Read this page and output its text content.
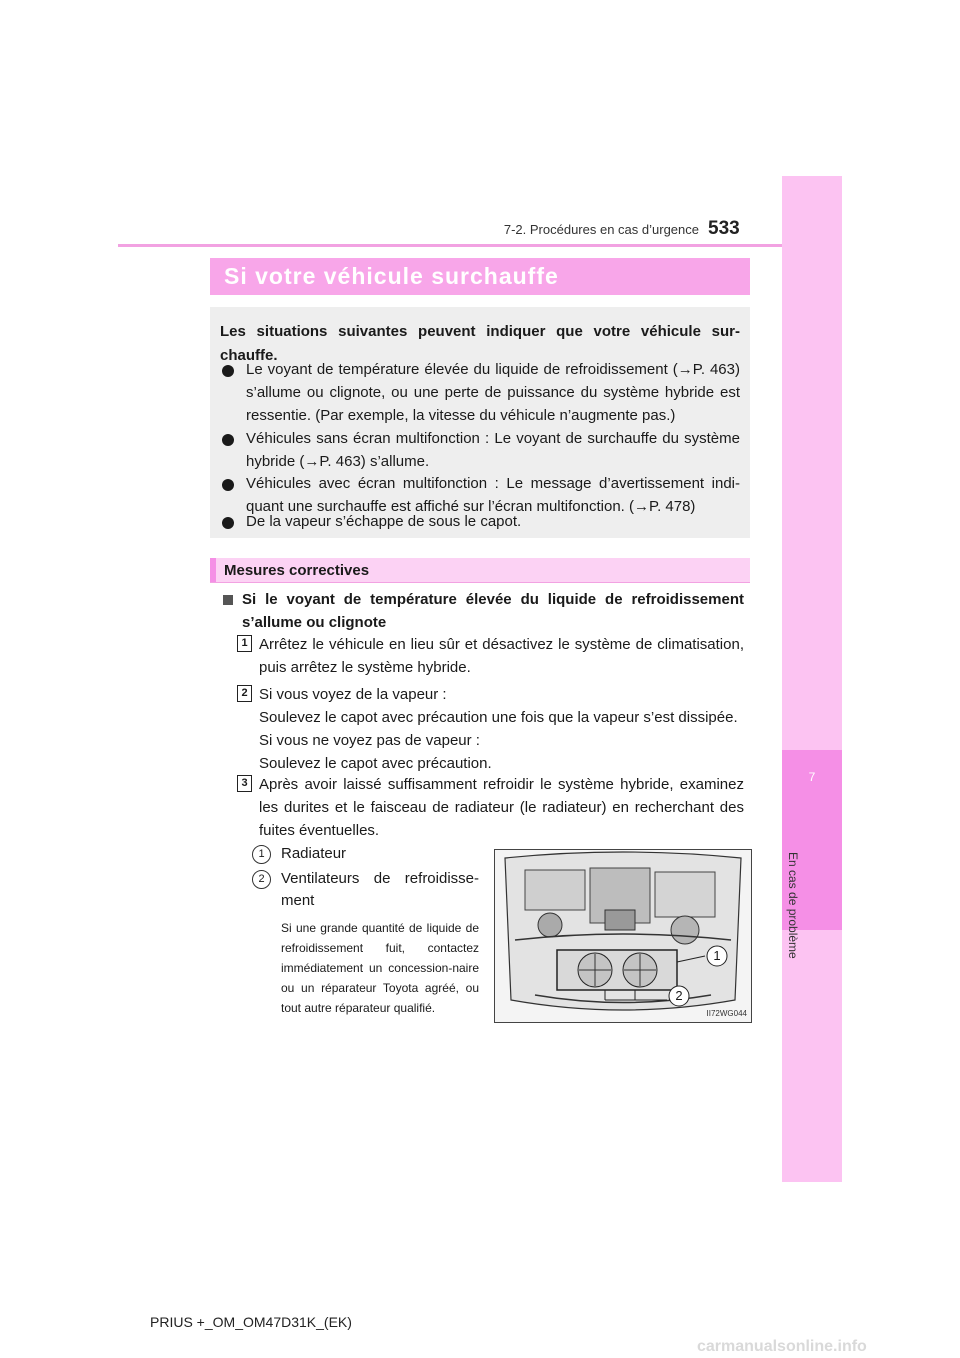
7
En cas de problème
7-2. Procédures en cas d’urgence 533
Si votre véhicule surchauffe
Les situations suivantes peuvent indiquer que votre véhicule sur-
chauffe.
Le voyant de température élevée du liquide de refroidissement (→P. 463)
s’allume ou clignote, ou une perte de puissance du système hybride est
ressentie. (Par exemple, la vitesse du véhicule n’augmente pas.)
Véhicules sans écran multifonction : Le voyant de surchauffe du système
hybride (→P. 463) s’allume.
Véhicules avec écran multifonction : Le message d’avertissement indi-
quant une surchauffe est affiché sur l’écran multifonction. (→P. 478)
De la vapeur s’échappe de sous le capot.
Mesures correctives
Si le voyant de température élevée du liquide de refroidissement
s’allume ou clignote
1 Arrêtez le véhicule en lieu sûr et désactivez le système de climatisation,
puis arrêtez le système hybride.
2 Si vous voyez de la vapeur :
Soulevez le capot avec précaution une fois que la vapeur s’est dissipée.
Si vous ne voyez pas de vapeur :
Soulevez le capot avec précaution.
3 Après avoir laissé suffisamment refroidir le système hybride, examinez
les durites et le faisceau de radiateur (le radiateur) en recherchant des
fuites éventuelles.
1	Radiateur
2	Ventilateurs de refroidisse-
ment
Si une grande quantité de liquide de refroidissement fuit, contactez immédiatement un concession-naire ou un réparateur Toyota agréé, ou tout autre réparateur qualifié.
1
2
II72WG044
PRIUS +_OM_OM47D31K_(EK)
carmanualsonline.info
